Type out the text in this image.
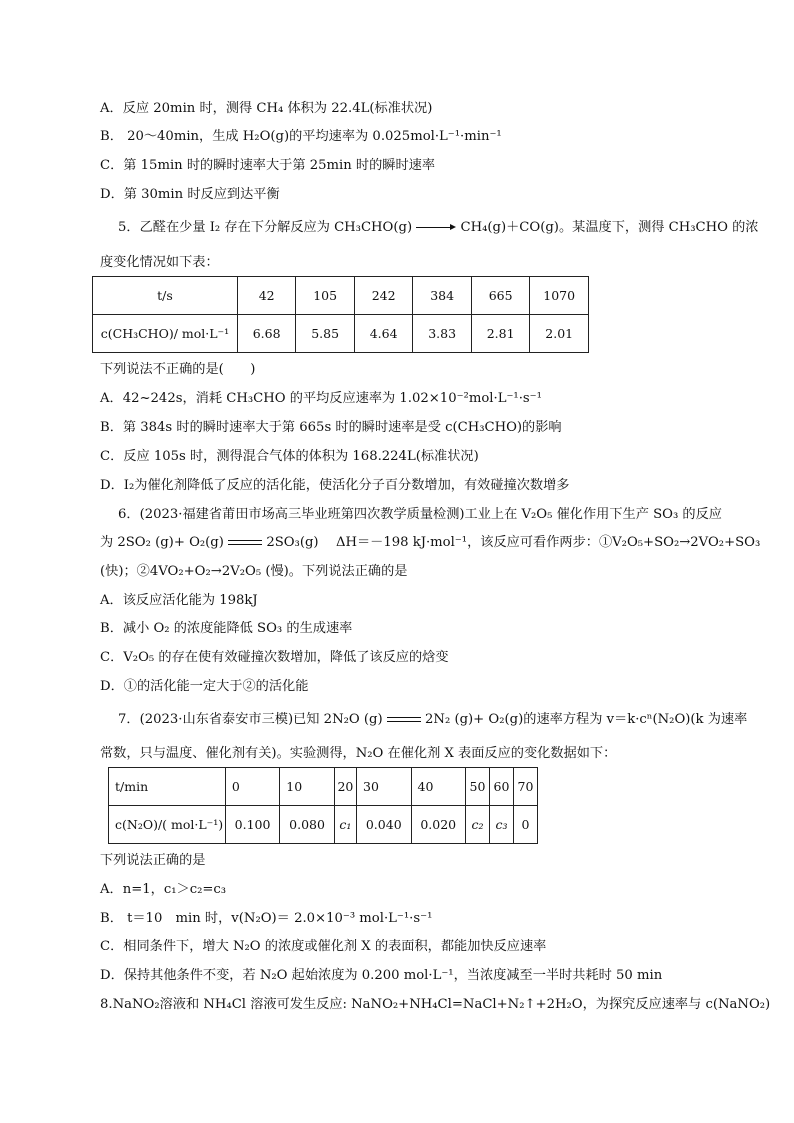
A．反应 20min 时，测得 CH₄ 体积为 22.4L(标准状况)
B． 20～40min，生成 H₂O(g)的平均速率为 0.025mol·L⁻¹·min⁻¹
C．第 15min 时的瞬时速率大于第 25min 时的瞬时速率
D．第 30min 时反应到达平衡
5．乙醛在少量 I₂ 存在下分解反应为 CH₃CHO(g)	CH₄(g)＋CO(g)。某温度下，测得 CH₃CHO 的浓
度变化情况如下表：
t/s	42	105	242	384	665	1070
c(CH₃CHO)/ mol·L⁻¹	6.68	5.85	4.64	3.83	2.81	2.01
下列说法不正确的是(　　)
A．42~242s，消耗 CH₃CHO 的平均反应速率为 1.02×10⁻²mol·L⁻¹·s⁻¹
B．第 384s 时的瞬时速率大于第 665s 时的瞬时速率是受 c(CH₃CHO)的影响
C．反应 105s 时，测得混合气体的体积为 168.224L(标准状况)
D．I₂为催化剂降低了反应的活化能，使活化分子百分数增加，有效碰撞次数增多
6．(2023·福建省莆田市场高三毕业班第四次教学质量检测)工业上在 V₂O₅ 催化作用下生产 SO₃ 的反应
为 2SO₂ (g)+ O₂(g)	2SO₃(g)　 ΔH＝－198 kJ·mol⁻¹，该反应可看作两步：①V₂O₅+SO₂→2VO₂+SO₃
(快)；②4VO₂+O₂→2V₂O₅ (慢)。下列说法正确的是
A．该反应活化能为 198kJ
B．减小 O₂ 的浓度能降低 SO₃ 的生成速率
C．V₂O₅ 的存在使有效碰撞次数增加，降低了该反应的焓变
D．①的活化能一定大于②的活化能
7．(2023·山东省泰安市三模)已知 2N₂O (g)	2N₂ (g)+ O₂(g)的速率方程为 v＝k·cⁿ(N₂O)(k 为速率
常数，只与温度、催化剂有关)。实验测得，N₂O 在催化剂 X 表面反应的变化数据如下：
t/min	0	10	20	30	40	50	60	70
c(N₂O)/( mol·L⁻¹)	0.100	0.080	c₁	0.040	0.020	c₂	c₃	0
下列说法正确的是
A．n=1，c₁＞c₂=c₃
B． t＝10　min 时，v(N₂O)＝ 2.0×10⁻³ mol·L⁻¹·s⁻¹
C．相同条件下，增大 N₂O 的浓度或催化剂 X 的表面积，都能加快反应速率
D．保持其他条件不变，若 N₂O 起始浓度为 0.200 mol·L⁻¹，当浓度减至一半时共耗时 50 min
8.NaNO₂溶液和 NH₄Cl 溶液可发生反应: NaNO₂+NH₄Cl=NaCl+N₂↑+2H₂O，为探究反应速率与 c(NaNO₂)
